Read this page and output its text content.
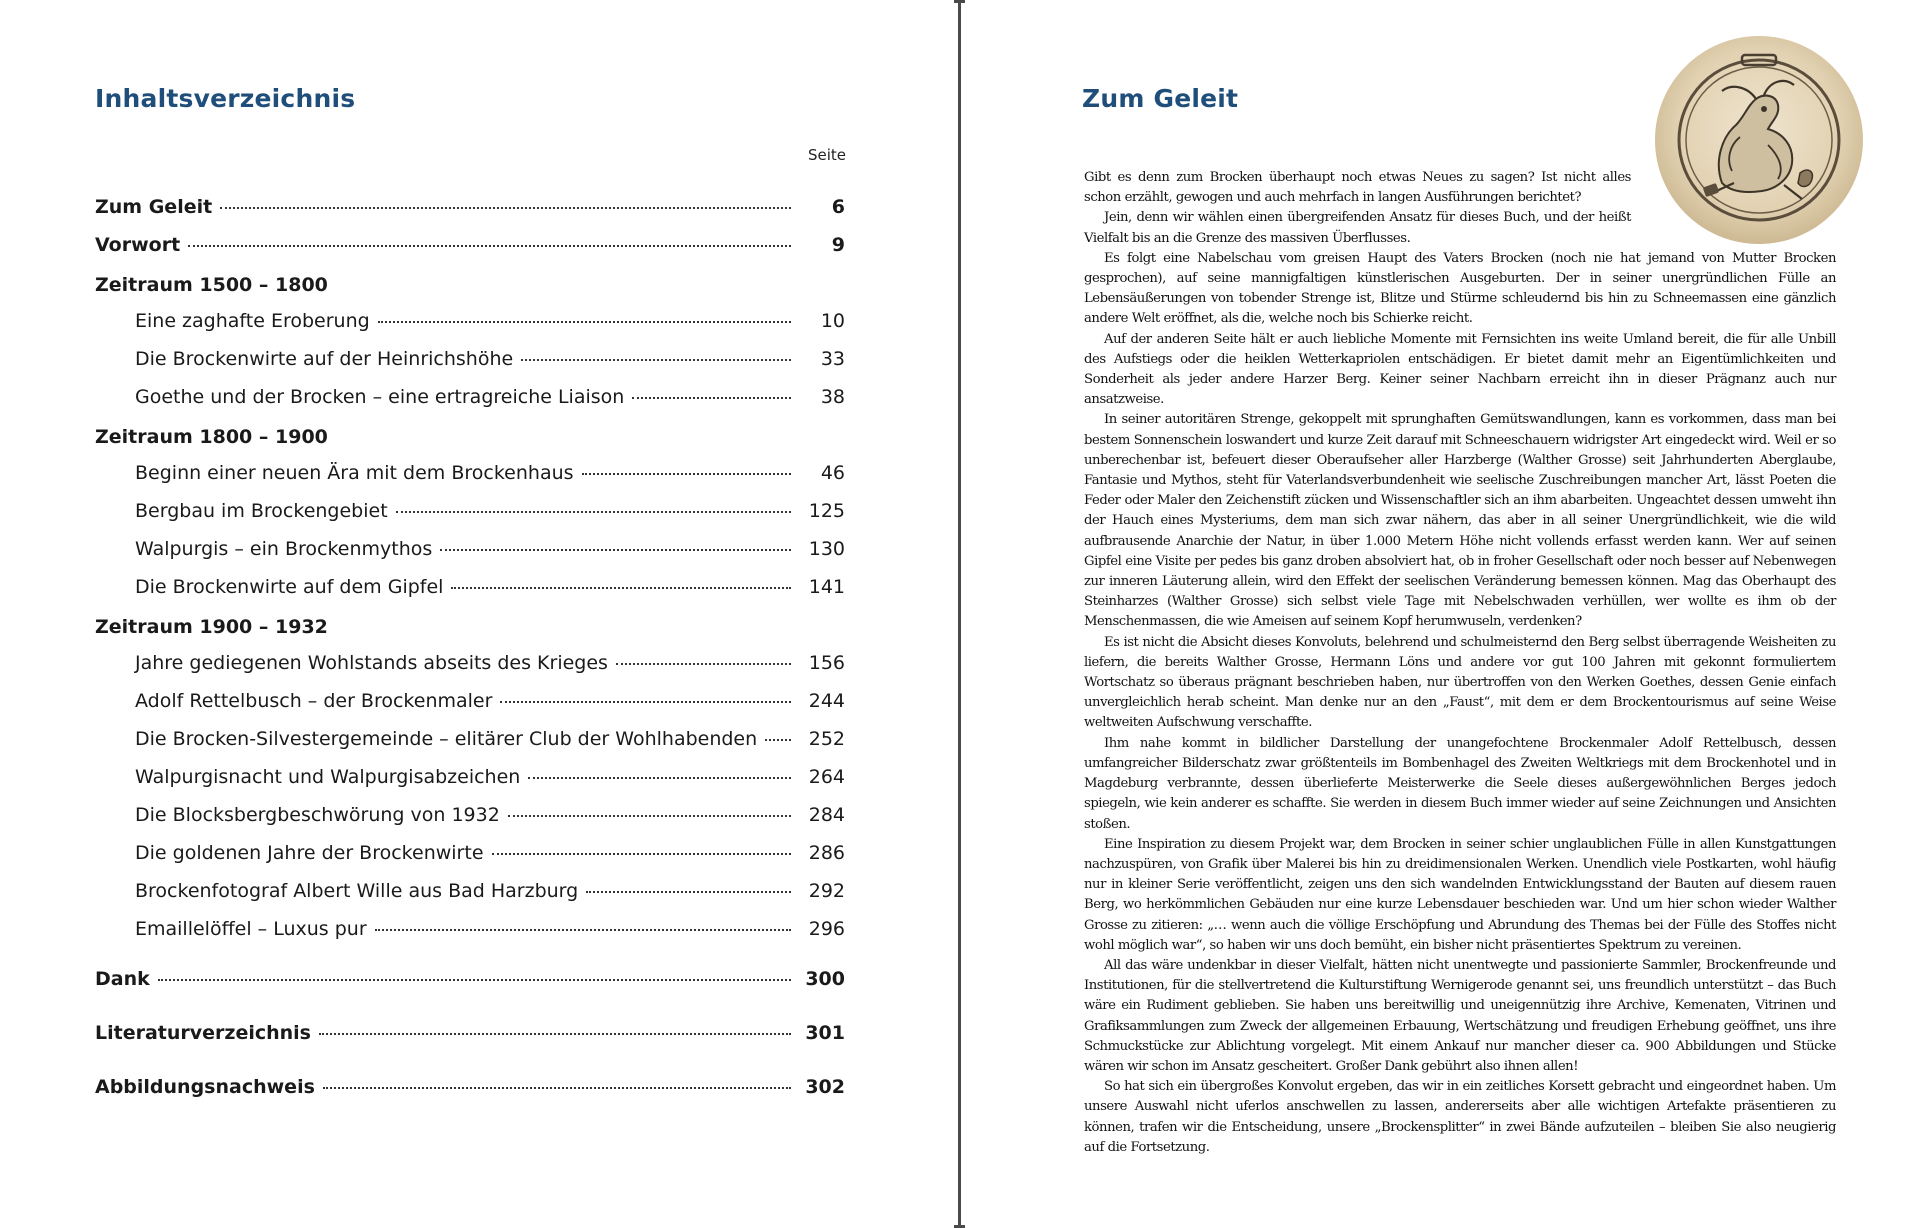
Inhaltsverzeichnis
Seite
Zum Geleit	6
Vorwort	9
Zeitraum 1500 – 1800
Eine zaghafte Eroberung	10
Die Brockenwirte auf der Heinrichshöhe	33
Goethe und der Brocken – eine ertragreiche Liaison	38
Zeitraum 1800 – 1900
Beginn einer neuen Ära mit dem Brockenhaus	46
Bergbau im Brockengebiet	125
Walpurgis – ein Brockenmythos	130
Die Brockenwirte auf dem Gipfel	141
Zeitraum 1900 – 1932
Jahre gediegenen Wohlstands abseits des Krieges	156
Adolf Rettelbusch – der Brockenmaler	244
Die Brocken-Silvestergemeinde – elitärer Club der Wohlhabenden	252
Walpurgisnacht und Walpurgisabzeichen	264
Die Blocksbergbeschwörung von 1932	284
Die goldenen Jahre der Brockenwirte	286
Brockenfotograf Albert Wille aus Bad Harzburg	292
Emaillelöffel – Luxus pur	296
Dank	300
Literaturverzeichnis	301
Abbildungsnachweis	302
Zum Geleit

Gibt es denn zum Brocken überhaupt noch etwas Neues zu sagen? Ist nicht alles schon erzählt, gewogen und auch mehrfach in langen Ausführungen berichtet?

Jein, denn wir wählen einen übergreifenden Ansatz für dieses Buch, und der heißt Vielfalt bis an die Grenze des massiven Überflusses.

Es folgt eine Nabelschau vom greisen Haupt des Vaters Brocken (noch nie hat jemand von Mutter Brocken gesprochen), auf seine mannigfaltigen künstlerischen Ausgeburten. Der in seiner unergründlichen Fülle an Lebensäußerungen von tobender Strenge ist, Blitze und Stürme schleudernd bis hin zu Schneemassen eine gänzlich andere Welt eröffnet, als die, welche noch bis Schierke reicht.

Auf der anderen Seite hält er auch liebliche Momente mit Fernsichten ins weite Umland bereit, die für alle Unbill des Aufstiegs oder die heiklen Wetterkapriolen entschädigen. Er bietet damit mehr an Eigentümlichkeiten und Sonderheit als jeder andere Harzer Berg. Keiner seiner Nachbarn erreicht ihn in dieser Prägnanz auch nur ansatzweise.

In seiner autoritären Strenge, gekoppelt mit sprunghaften Gemütswandlungen, kann es vorkommen, dass man bei bestem Sonnenschein loswandert und kurze Zeit darauf mit Schneeschauern widrigster Art eingedeckt wird. Weil er so unberechenbar ist, befeuert dieser Oberaufseher aller Harzberge (Walther Grosse) seit Jahrhunderten Aberglaube, Fantasie und Mythos, steht für Vaterlandsverbundenheit wie seelische Zuschreibungen mancher Art, lässt Poeten die Feder oder Maler den Zeichenstift zücken und Wissenschaftler sich an ihm abarbeiten. Ungeachtet dessen umweht ihn der Hauch eines Mysteriums, dem man sich zwar nähern, das aber in all seiner Unergründlichkeit, wie die wild aufbrausende Anarchie der Natur, in über 1.000 Metern Höhe nicht vollends erfasst werden kann. Wer auf seinen Gipfel eine Visite per pedes bis ganz droben absolviert hat, ob in froher Gesellschaft oder noch besser auf Nebenwegen zur inneren Läuterung allein, wird den Effekt der seelischen Veränderung bemessen können. Mag das Oberhaupt des Steinharzes (Walther Grosse) sich selbst viele Tage mit Nebelschwaden verhüllen, wer wollte es ihm ob der Menschenmassen, die wie Ameisen auf seinem Kopf herumwuseln, verdenken?

Es ist nicht die Absicht dieses Konvoluts, belehrend und schulmeisternd den Berg selbst überragende Weisheiten zu liefern, die bereits Walther Grosse, Hermann Löns und andere vor gut 100 Jahren mit gekonnt formuliertem Wortschatz so überaus prägnant beschrieben haben, nur übertroffen von den Werken Goethes, dessen Genie einfach unvergleichlich herab scheint. Man denke nur an den „Faust“, mit dem er dem Brockentourismus auf seine Weise weltweiten Aufschwung verschaffte.

Ihm nahe kommt in bildlicher Darstellung der unangefochtene Brockenmaler Adolf Rettelbusch, dessen umfangreicher Bilderschatz zwar größtenteils im Bombenhagel des Zweiten Weltkriegs mit dem Brockenhotel und in Magdeburg verbrannte, dessen überlieferte Meisterwerke die Seele dieses außergewöhnlichen Berges jedoch spiegeln, wie kein anderer es schaffte. Sie werden in diesem Buch immer wieder auf seine Zeichnungen und Ansichten stoßen.

Eine Inspiration zu diesem Projekt war, dem Brocken in seiner schier unglaublichen Fülle in allen Kunstgattungen nachzuspüren, von Grafik über Malerei bis hin zu dreidimensionalen Werken. Unendlich viele Postkarten, wohl häufig nur in kleiner Serie veröffentlicht, zeigen uns den sich wandelnden Entwicklungsstand der Bauten auf diesem rauen Berg, wo herkömmlichen Gebäuden nur eine kurze Lebensdauer beschieden war. Und um hier schon wieder Walther Grosse zu zitieren: „… wenn auch die völlige Erschöpfung und Abrundung des Themas bei der Fülle des Stoffes nicht wohl möglich war“, so haben wir uns doch bemüht, ein bisher nicht präsentiertes Spektrum zu vereinen.

All das wäre undenkbar in dieser Vielfalt, hätten nicht unentwegte und passionierte Sammler, Brockenfreunde und Institutionen, für die stellvertretend die Kulturstiftung Wernigerode genannt sei, uns freundlich unterstützt – das Buch wäre ein Rudiment geblieben. Sie haben uns bereitwillig und uneigennützig ihre Archive, Kemenaten, Vitrinen und Grafiksammlungen zum Zweck der allgemeinen Erbauung, Wertschätzung und freudigen Erhebung geöffnet, uns ihre Schmuckstücke zur Ablichtung vorgelegt. Mit einem Ankauf nur mancher dieser ca. 900 Abbildungen und Stücke wären wir schon im Ansatz gescheitert. Großer Dank gebührt also ihnen allen!

So hat sich ein übergroßes Konvolut ergeben, das wir in ein zeitliches Korsett gebracht und eingeordnet haben. Um unsere Auswahl nicht uferlos anschwellen zu lassen, andererseits aber alle wichtigen Artefakte präsentieren zu können, trafen wir die Entscheidung, unsere „Brockensplitter“ in zwei Bände aufzuteilen – bleiben Sie also neugierig auf die Fortsetzung.
